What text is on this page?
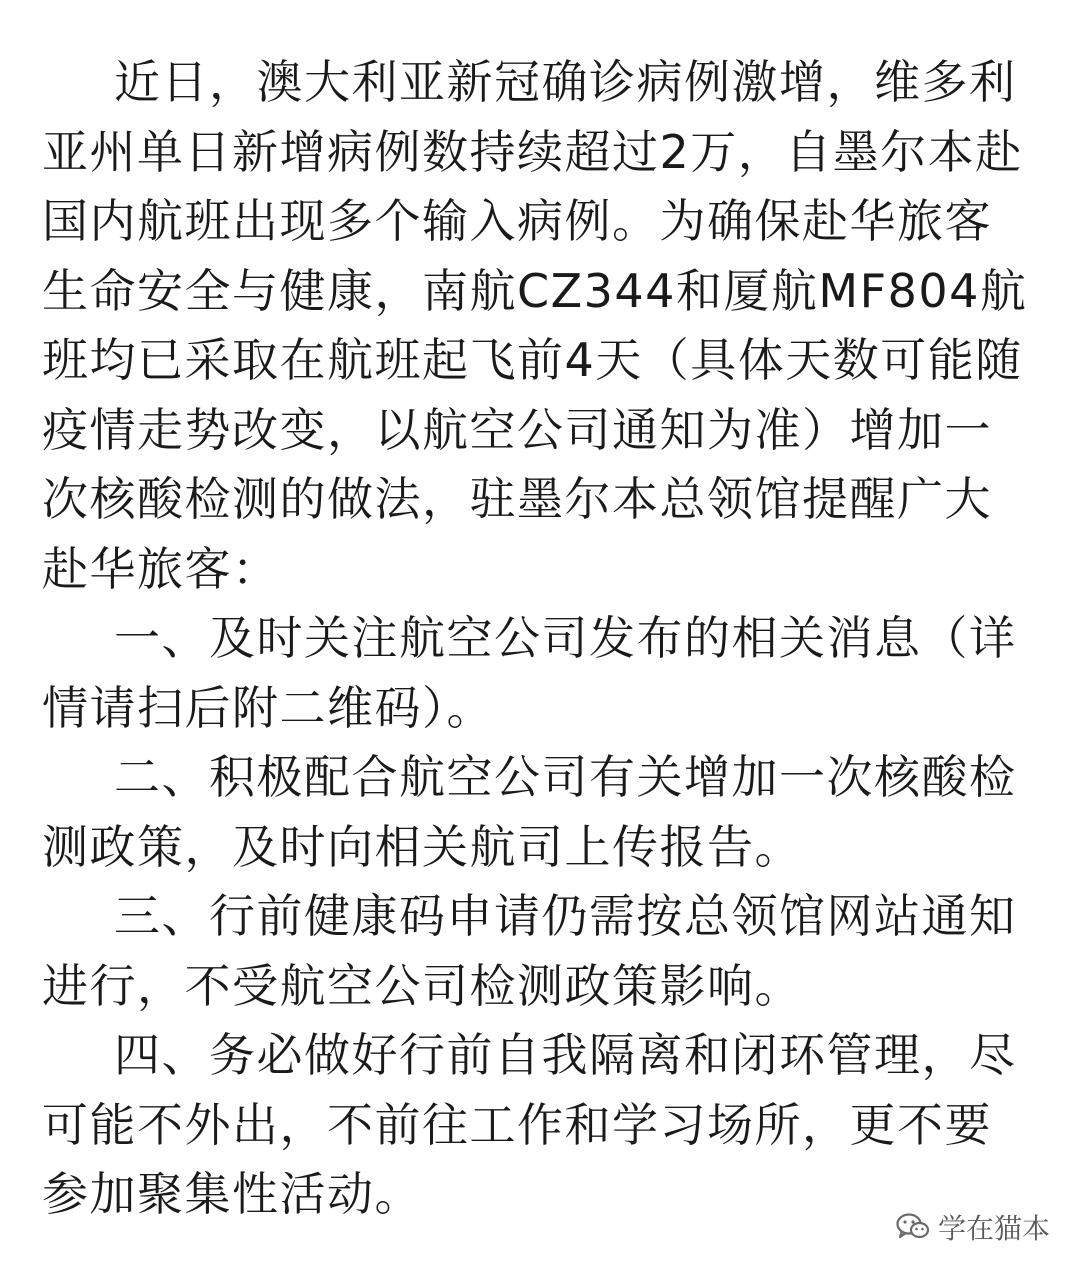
近日，澳大利亚新冠确诊病例激增，维多利
亚州单日新增病例数持续超过2万，自墨尔本赴
国内航班出现多个输入病例。为确保赴华旅客
生命安全与健康，南航CZ344和厦航MF804航
班均已采取在航班起飞前4天（具体天数可能随
疫情走势改变，以航空公司通知为准）增加一
次核酸检测的做法，驻墨尔本总领馆提醒广大
赴华旅客：
一、及时关注航空公司发布的相关消息（详
情请扫后附二维码）。
二、积极配合航空公司有关增加一次核酸检
测政策，及时向相关航司上传报告。
三、行前健康码申请仍需按总领馆网站通知
进行，不受航空公司检测政策影响。
四、务必做好行前自我隔离和闭环管理，尽
可能不外出，不前往工作和学习场所，更不要
参加聚集性活动。
学在猫本
